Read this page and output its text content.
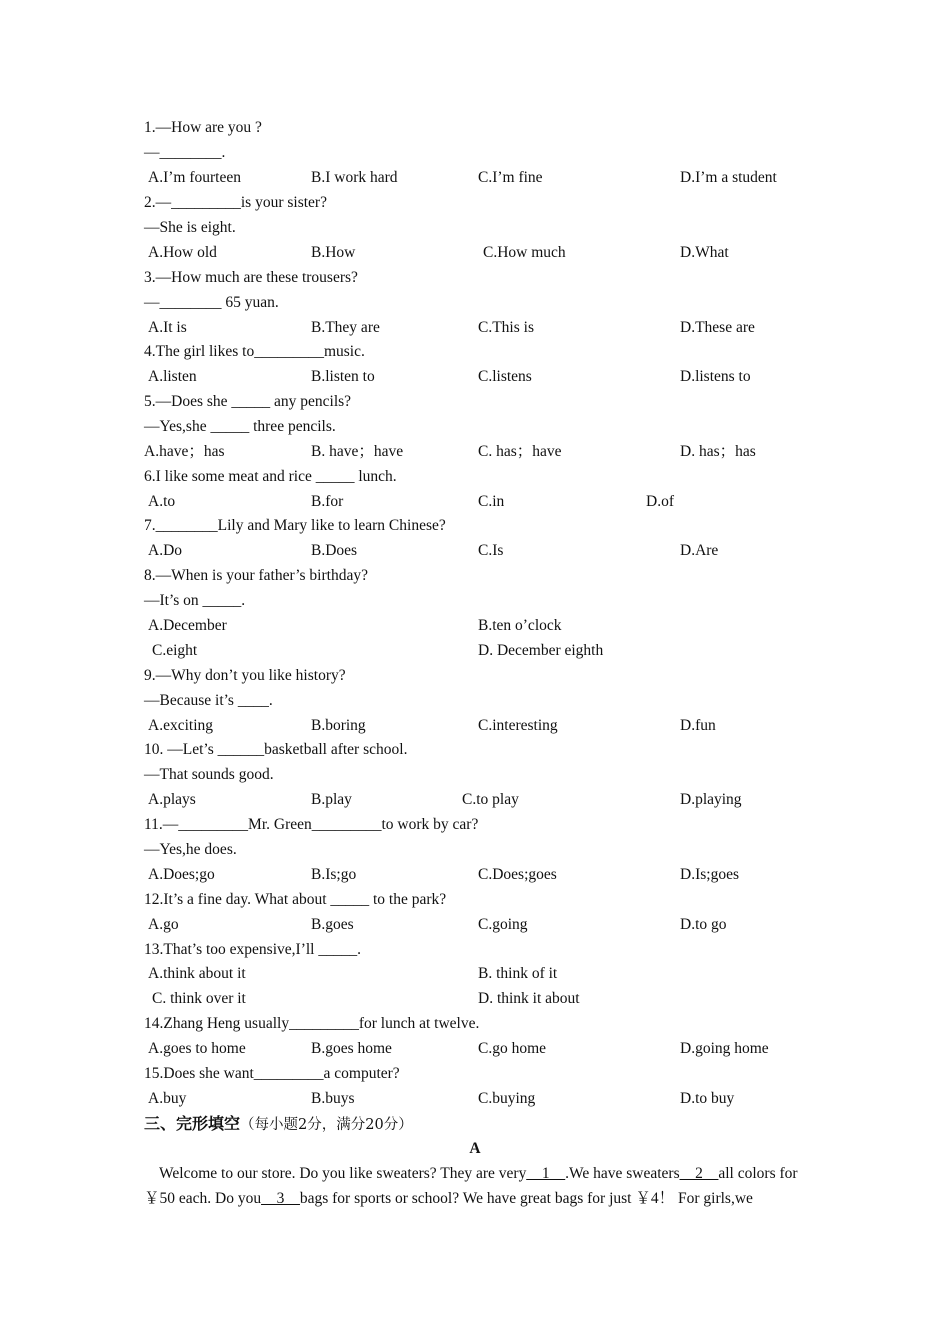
1.—How are you ?
—________.
A.I’m fourteen	B.I work hard	C.I’m fine	D.I’m a student
2.—_________is your sister?
—She is eight.
A.How old	B.How	C.How much	D.What
3.—How much are these trousers?
—________ 65 yuan.
A.It is	B.They are	C.This is	D.These are
4.The girl likes to_________music.
A.listen	B.listen to	C.listens	D.listens to
5.—Does she _____ any pencils?
—Yes,she _____ three pencils.
A.have；has	B. have；have	C. has；have	D. has；has
6.I like some meat and rice _____ lunch.
A.to	B.for	C.in	D.of
7.________Lily and Mary like to learn Chinese?
A.Do	B.Does	C.Is	D.Are
8.—When is your father’s birthday?
—It’s on _____.
A.December	B.ten o’clock
C.eight	D. December eighth
9.—Why don’t you like history?
—Because it’s ____.
A.exciting	B.boring	C.interesting	D.fun
10. —Let’s ______basketball after school.
—That sounds good.
A.plays	B.play	C.to play	D.playing
11.—_________Mr. Green_________to work by car?
—Yes,he does.
A.Does;go	B.Is;go	C.Does;goes	D.Is;goes
12.It’s a fine day. What about _____ to the park?
A.go	B.goes	C.going	D.to go
13.That’s too expensive,I’ll _____.
A.think about it	B. think of it
C. think over it	D. think it about
14.Zhang Heng usually_________for lunch at twelve.
A.goes to home	B.goes home	C.go home	D.going home
15.Does she want_________a computer?
A.buy	B.buys	C.buying	D.to buy
三、完形填空（每小题2分，满分20分）
A
Welcome to our store. Do you like sweaters? They are very__1__.We have sweaters__2__all colors for
￥50 each. Do you__3__bags for sports or school? We have great bags for just ￥4！ For girls,we
